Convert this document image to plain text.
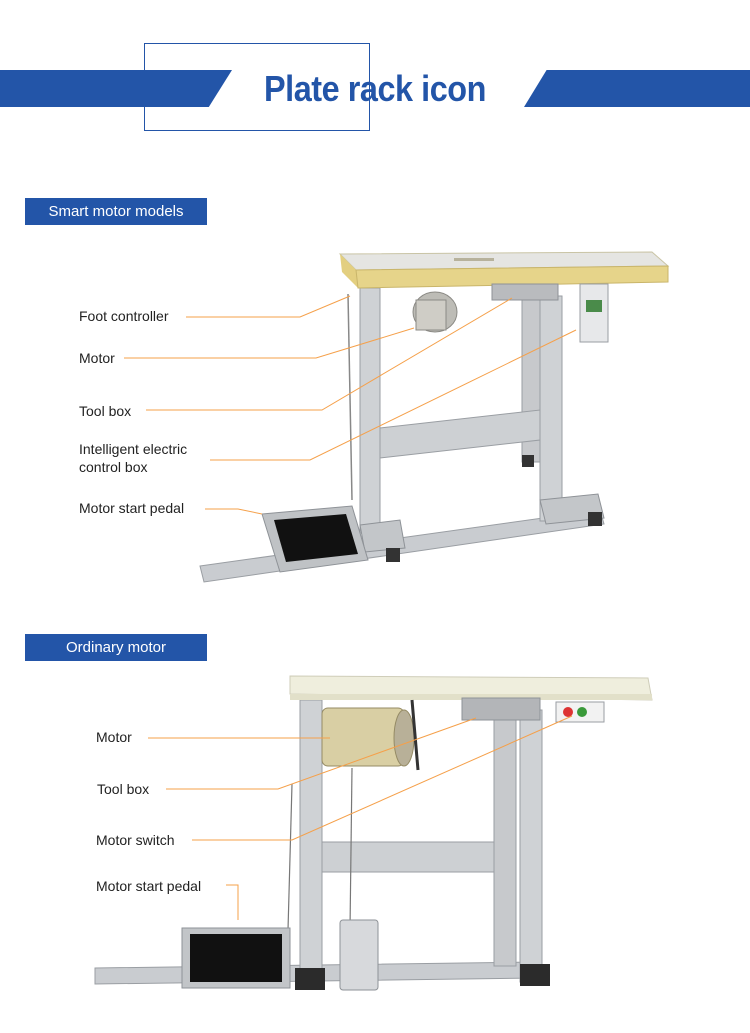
Plate rack icon
Smart motor models
Ordinary motor
Foot controller
Motor
Tool box
Intelligent electric
control box
Motor start pedal
Motor
Tool box
Motor switch
Motor start pedal
